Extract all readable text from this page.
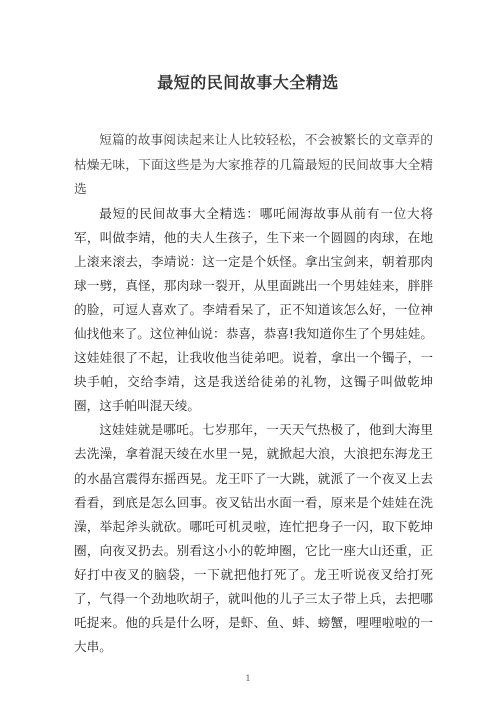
最短的民间故事大全精选

短篇的故事阅读起来让人比较轻松，不会被繁长的文章弄的枯燥无味，下面这些是为大家推荐的几篇最短的民间故事大全精选

最短的民间故事大全精选：哪吒闹海故事从前有一位大将军，叫做李靖，他的夫人生孩子，生下来一个圆圆的肉球，在地上滚来滚去，李靖说：这一定是个妖怪。拿出宝剑来，朝着那肉球一劈，真怪，那肉球一裂开，从里面跳出一个男娃娃来，胖胖的脸，可逗人喜欢了。李靖看呆了，正不知道该怎么好，一位神仙找他来了。这位神仙说：恭喜，恭喜!我知道你生了个男娃娃。这娃娃很了不起，让我收他当徒弟吧。说着，拿出一个镯子，一块手帕，交给李靖，这是我送给徒弟的礼物，这镯子叫做乾坤圈，这手帕叫混天绫。

这娃娃就是哪吒。七岁那年，一天天气热极了，他到大海里去洗澡，拿着混天绫在水里一晃，就掀起大浪，大浪把东海龙王的水晶宫震得东摇西晃。龙王吓了一大跳，就派了一个夜叉上去看看，到底是怎么回事。夜叉钻出水面一看，原来是个娃娃在洗澡，举起斧头就砍。哪吒可机灵啦，连忙把身子一闪，取下乾坤圈，向夜叉扔去。别看这小小的乾坤圈，它比一座大山还重，正好打中夜叉的脑袋，一下就把他打死了。龙王听说夜叉给打死了，气得一个劲地吹胡子，就叫他的儿子三太子带上兵，去把哪吒捉来。他的兵是什么呀，是虾、鱼、蚌、螃蟹，哩哩啦啦的一大串。

1
